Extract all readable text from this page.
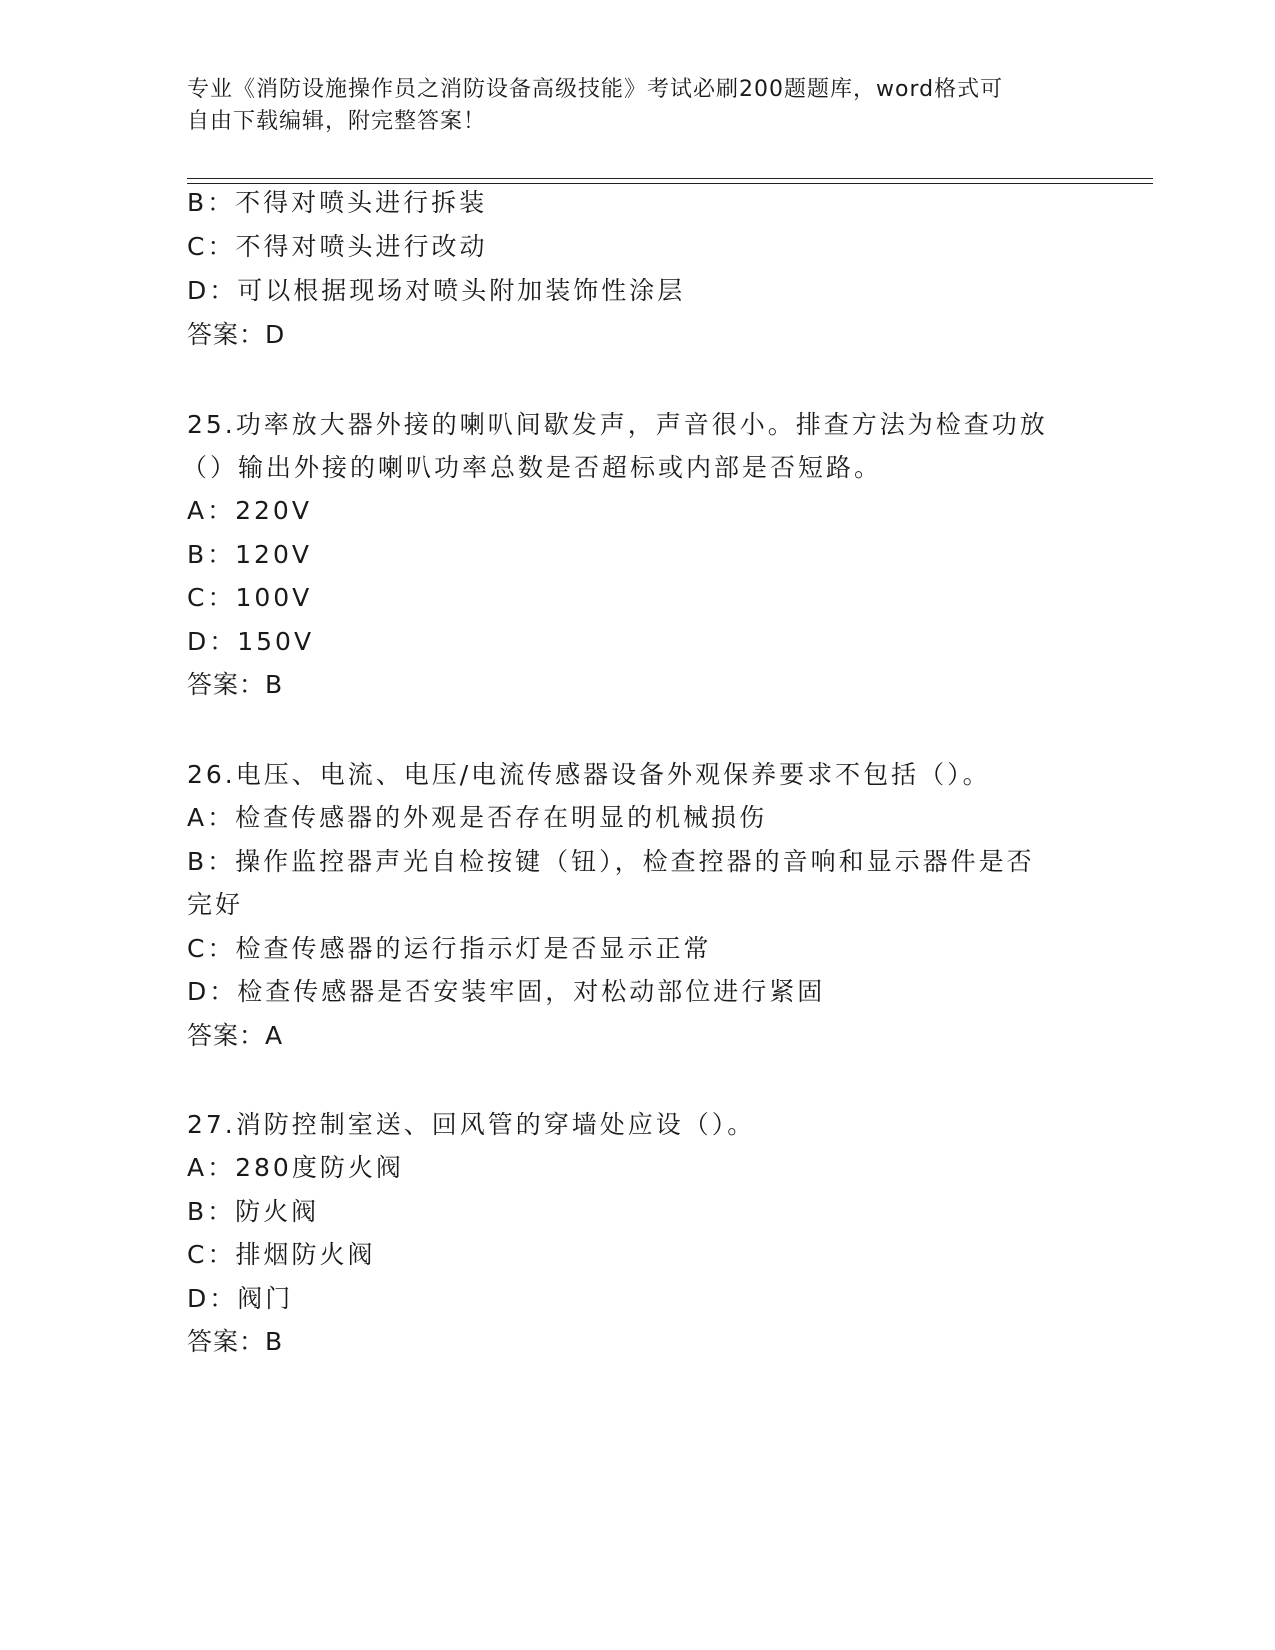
专业《消防设施操作员之消防设备高级技能》考试必刷200题题库，word格式可
自由下载编辑，附完整答案！
B：不得对喷头进行拆装
C：不得对喷头进行改动
D：可以根据现场对喷头附加装饰性涂层
答案：D
25.功率放大器外接的喇叭间歇发声，声音很小。排查方法为检查功放
（）输出外接的喇叭功率总数是否超标或内部是否短路。
A：220V
B：120V
C：100V
D：150V
答案：B
26.电压、电流、电压/电流传感器设备外观保养要求不包括（）。
A：检查传感器的外观是否存在明显的机械损伤
B：操作监控器声光自检按键（钮），检查控器的音响和显示器件是否
完好
C：检查传感器的运行指示灯是否显示正常
D：检查传感器是否安装牢固，对松动部位进行紧固
答案：A
27.消防控制室送、回风管的穿墙处应设（）。
A：280度防火阀
B：防火阀
C：排烟防火阀
D：阀门
答案：B
